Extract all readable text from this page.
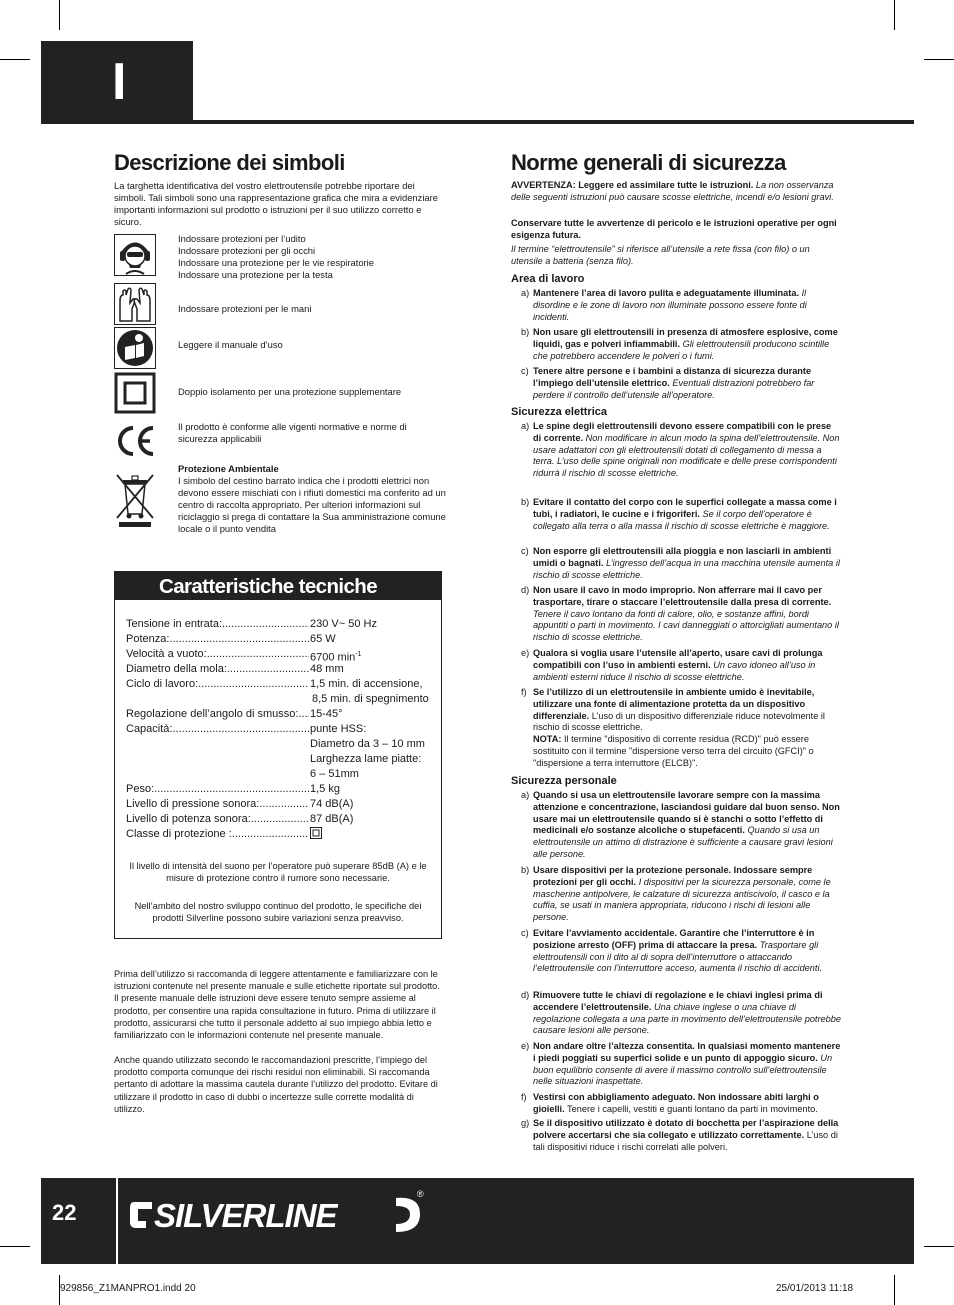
I
Descrizione dei simboli
La targhetta identificativa del vostro elettroutensile potrebbe riportare dei simboli. Tali simboli sono una rappresentazione grafica che mira a evidenziare importanti informazioni sul prodotto o istruzioni per il suo utilizzo corretto e sicuro.
Indossare protezioni per l’udito
Indossare protezioni per gli occhi
Indossare una protezione per le vie respiratorie
Indossare una protezione per la testa
Indossare protezioni per le mani
Leggere il manuale d’uso
Doppio isolamento per una protezione supplementare
Il prodotto è conforme alle vigenti normative e norme di sicurezza applicabili
Protezione Ambientale
I simbolo del cestino barrato indica che i prodotti elettrici non devono essere mischiati con i rifiuti domestici ma conferito ad un centro di raccolta appropriato. Per ulteriori informazioni sul riciclaggio si prega di contattare la Sua amministrazione comune locale o il punto vendita
Caratteristiche tecniche
Tensione in entrata: .....	230 V~ 50 Hz
Potenza: .....	65 W
Velocità a vuoto: .....	6700 $\min^{-1}$
Diametro della mola: .....	48 mm
Ciclo di lavoro: .....	1,5 min. di accensione,
8,5 min. di spegnimento
Regolazione dell’angolo di smusso: ..... 15-45°
Capacità: .....	punte HSS:
Diametro da 3 – 10 mm
Larghezza lame piatte:
6 – 51mm
Peso: .....	1,5 kg
Livello di pressione sonora: .....	74 dB(A)
Livello di potenza sonora: .....	87 dB(A)
Classe di protezione : .....
Il livello di intensità del suono per l’operatore può superare 85dB (A) e le misure di protezione contro il rumore sono necessarie.
Nell’ambito del nostro sviluppo continuo del prodotto, le specifiche dei prodotti Silverline possono subire variazioni senza preavviso.
Prima dell’utilizzo si raccomanda di leggere attentamente e familiarizzare con le istruzioni contenute nel presente manuale e sulle etichette riportate sul prodotto. Il presente manuale delle istruzioni deve essere tenuto sempre assieme al prodotto, per consentire una rapida consultazione in futuro. Prima di utilizzare il prodotto, assicurarsi che tutto il personale addetto al suo impiego abbia letto e familiarizzato con le informazioni contenute nel presente manuale.
Anche quando utilizzato secondo le raccomandazioni prescritte, l’impiego del prodotto comporta comunque dei rischi residui non eliminabili. Si raccomanda pertanto di adottare la massima cautela durante l’utilizzo del prodotto. Evitare di utilizzare il prodotto in caso di dubbi o incertezze sulle corrette modalità di utilizzo.
Norme generali di sicurezza
AVVERTENZA: Leggere ed assimilare tutte le istruzioni. La non osservanza delle seguenti istruzioni può causare scosse elettriche, incendi e/o lesioni gravi.
Conservare tutte le avvertenze di pericolo e le istruzioni operative per ogni esigenza futura.
Il termine “elettroutensile” si riferisce all’utensile a rete fissa (con filo) o un utensile a batteria (senza filo).
Area di lavoro
a) Mantenere l’area di lavoro pulita e adeguatamente illuminata. Il disordine e le zone di lavoro non illuminate possono essere fonte di incidenti.
b) Non usare gli elettroutensili in presenza di atmosfere esplosive, come liquidi, gas e polveri infiammabili. Gli elettroutensili producono scintille che potrebbero accendere le polveri o i fumi.
c) Tenere altre persone e i bambini a distanza di sicurezza durante l’impiego dell’utensile elettrico. Eventuali distrazioni potrebbero far perdere il controllo dell’utensile all’operatore.
Sicurezza elettrica
a) Le spine degli elettroutensili devono essere compatibili con le prese di corrente. Non modificare in alcun modo la spina dell’elettroutensile. Non usare adattatori con gli elettroutensili dotati di collegamento di messa a terra. L’uso delle spine originali non modificate e delle prese corrispondenti ridurrà il rischio di scosse elettriche.
b) Evitare il contatto del corpo con le superfici collegate a massa come i tubi, i radiatori, le cucine e i frigoriferi. Se il corpo dell’operatore è collegato alla terra o alla massa il rischio di scosse elettriche è maggiore.
c) Non esporre gli elettroutensili alla pioggia e non lasciarli in ambienti umidi o bagnati. L’ingresso dell’acqua in una macchina utensile aumenta il rischio di scosse elettriche.
d) Non usare il cavo in modo improprio. Non afferrare mai il cavo per trasportare, tirare o staccare l’elettroutensile dalla presa di corrente. Tenere il cavo lontano da fonti di calore, olio, e sostanze affini, bordi appuntiti o parti in movimento. I cavi danneggiati o attorcigliati aumentano il rischio di scosse elettriche.
e) Qualora si voglia usare l’utensile all’aperto, usare cavi di prolunga compatibili con l’uso in ambienti esterni. Un cavo idoneo all’uso in ambienti esterni riduce il rischio di scosse elettriche.
f) Se l’utilizzo di un elettroutensile in ambiente umido è inevitabile, utilizzare una fonte di alimentazione protetta da un dispositivo differenziale. L’uso di un dispositivo differenziale riduce notevolmente il rischio di scosse elettriche.
NOTA: Il termine "dispositivo di corrente residua (RCD)" può essere sostituito con il termine "dispersione verso terra del circuito (GFCI)" o "dispersione a terra interruttore (ELCB)".
Sicurezza personale
a) Quando si usa un elettroutensile lavorare sempre con la massima attenzione e concentrazione, lasciandosi guidare dal buon senso. Non usare mai un elettroutensile quando si è stanchi o sotto l’effetto di medicinali e/o sostanze alcoliche o stupefacenti. Quando si usa un elettroutensile un attimo di distrazione è sufficiente a causare gravi lesioni alle persone.
b) Usare dispositivi per la protezione personale. Indossare sempre protezioni per gli occhi. I dispositivi per la sicurezza personale, come le mascherine antipolvere, le calzature di sicurezza antiscivolo, il casco e la cuffia, se usati in maniera appropriata, riducono i rischi di lesioni alle persone.
c) Evitare l’avviamento accidentale. Garantire che l’interruttore è in posizione arresto (OFF) prima di attaccare la presa. Trasportare gli elettroutensili con il dito al di sopra dell’interruttore o attaccando l’elettroutensile con l’interruttore acceso, aumenta il rischio di accidenti.
d) Rimuovere tutte le chiavi di regolazione e le chiavi inglesi prima di accendere l’elettroutensile. Una chiave inglese o una chiave di regolazione collegata a una parte in movimento dell’elettroutensile potrebbe causare lesioni alle persone.
e) Non andare oltre l’altezza consentita. In qualsiasi momento mantenere i piedi poggiati su superfici solide e un punto di appoggio sicuro. Un buon equilibrio consente di avere il massimo controllo sull’elettroutensile nelle situazioni inaspettate.
f) Vestirsi con abbigliamento adeguato. Non indossare abiti larghi o gioielli. Tenere i capelli, vestiti e guanti lontano da parti in movimento.
g) Se il dispositivo utilizzato è dotato di bocchetta per l’aspirazione della polvere accertarsi che sia collegato e utilizzato correttamente. L’uso di tali dispositivi riduce i rischi correlati alle polveri.
22	SILVERLINE
®
929856_Z1MANPRO1.indd 20	25/01/2013 11:18
